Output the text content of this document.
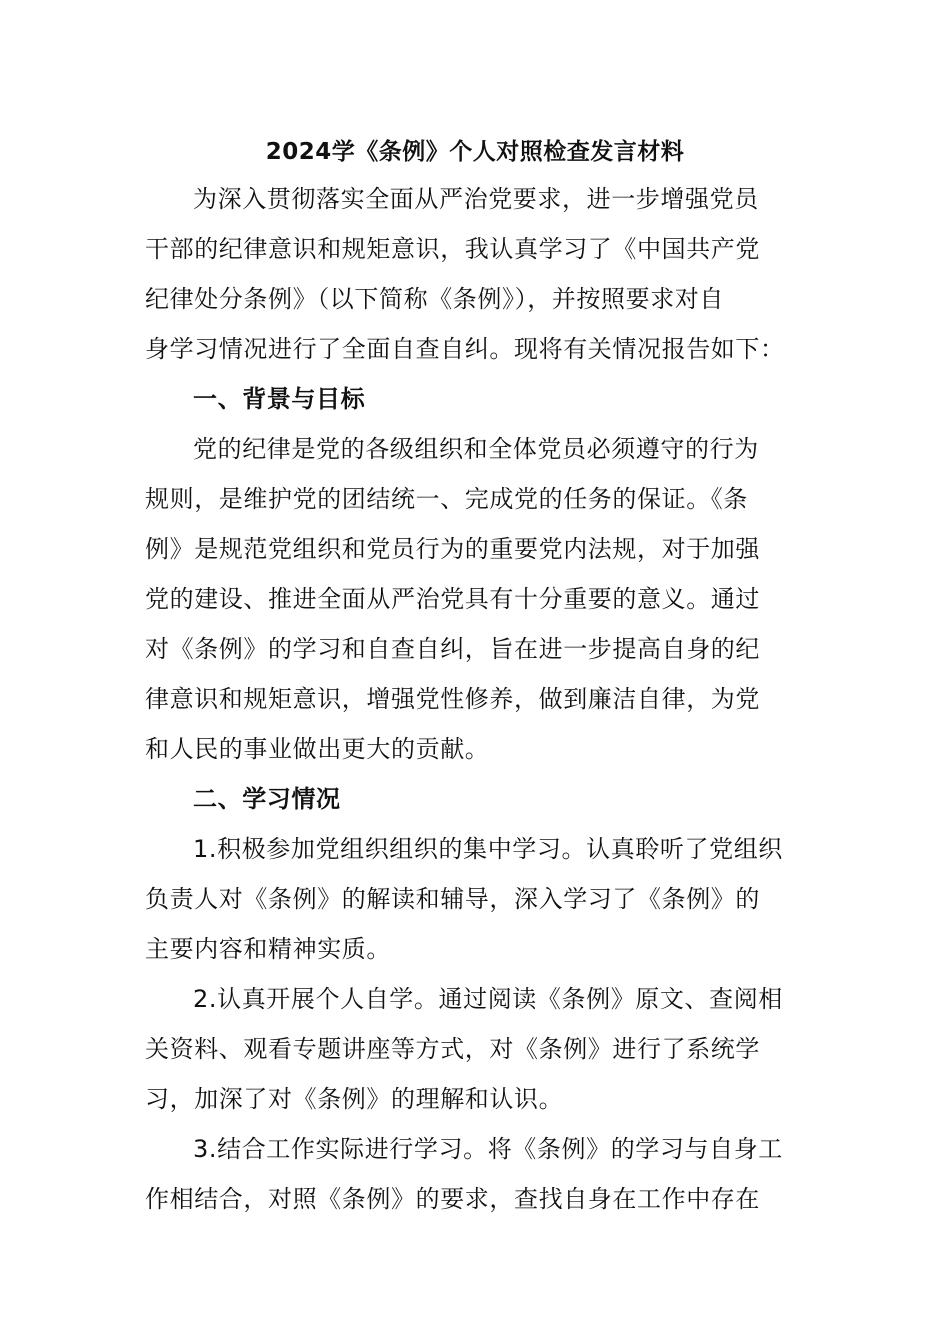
2024学《条例》个人对照检查发言材料
为深入贯彻落实全面从严治党要求，进一步增强党员
干部的纪律意识和规矩意识，我认真学习了《中国共产党
纪律处分条例》（以下简称《条例》），并按照要求对自
身学习情况进行了全面自查自纠。现将有关情况报告如下：
一、背景与目标
党的纪律是党的各级组织和全体党员必须遵守的行为
规则，是维护党的团结统一、完成党的任务的保证。《条
例》是规范党组织和党员行为的重要党内法规，对于加强
党的建设、推进全面从严治党具有十分重要的意义。通过
对《条例》的学习和自查自纠，旨在进一步提高自身的纪
律意识和规矩意识，增强党性修养，做到廉洁自律，为党
和人民的事业做出更大的贡献。
二、学习情况
1.积极参加党组织组织的集中学习。认真聆听了党组织
负责人对《条例》的解读和辅导，深入学习了《条例》的
主要内容和精神实质。
2.认真开展个人自学。通过阅读《条例》原文、查阅相
关资料、观看专题讲座等方式，对《条例》进行了系统学
习，加深了对《条例》的理解和认识。
3.结合工作实际进行学习。将《条例》的学习与自身工
作相结合，对照《条例》的要求，查找自身在工作中存在
